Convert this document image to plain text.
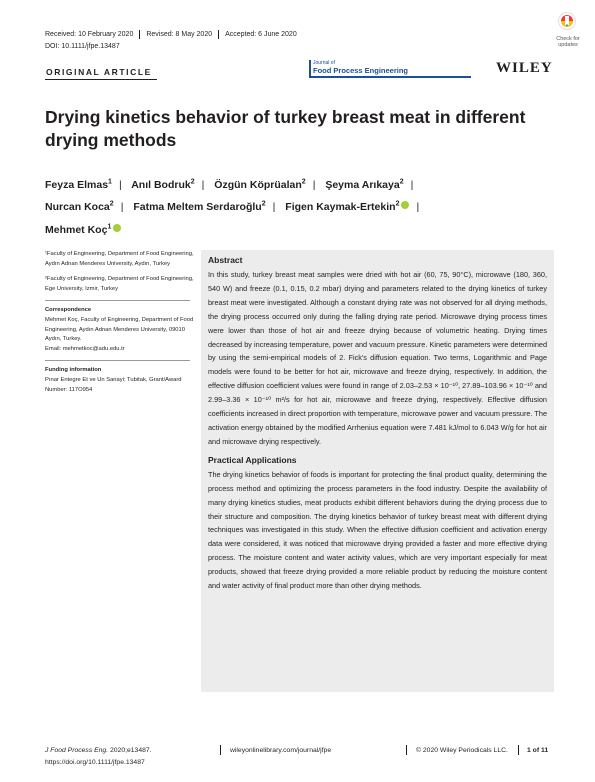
Received: 10 February 2020 Revised: 8 May 2020 Accepted: 6 June 2020
DOI: 10.1111/jfpe.13487
Check for updates
ORIGINAL ARTICLE
Journal of
Food Process Engineering	WILEY
Drying kinetics behavior of turkey breast meat in different drying methods
Feyza Elmas$^1$ | Anıl Bodruk$^2$ | Özgün Köprüalan$^2$ | Şeyma Arıkaya$^2$ |
Nurcan Koca$^2$ | Fatma Meltem Serdaroğlu$^2$ | Figen Kaymak-Ertekin$^2$ |
Mehmet Koç$^1$

¹Faculty of Engineering, Department of Food Engineering, Aydın Adnan Menderes University, Aydın, Turkey

²Faculty of Engineering, Department of Food Engineering, Ege University, Izmir, Turkey

Correspondence
Mehmet Koç, Faculty of Engineering, Department of Food Engineering, Aydın Adnan Menderes University, 09010 Aydın, Turkey.

Email: mehmetkoc@adu.edu.tr

Funding information
Pınar Entegre Et ve Un Sanayi; Tubitak, Grant/Award Number: 117O954
Abstract
In this study, turkey breast meat samples were dried with hot air (60, 75, 90°C), microwave (180, 360, 540 W) and freeze (0.1, 0.15, 0.2 mbar) drying and parameters related to the drying kinetics of turkey breast meat were investigated. Although a constant drying rate was not observed for all drying methods, the drying process occurred only during the falling drying rate period. Microwave drying process times were lower than those of hot air and freeze drying because of volumetric heating. Drying times decreased by increasing temperature, power and vacuum pressure. Kinetic parameters were determined by using the semi-empirical models of 2. Fick's diffusion equation. Two terms, Logarithmic and Page models were found to be better for hot air, microwave and freeze drying, respectively. In addition, the effective diffusion coefficient values were found in range of 2.03–2.53 × 10⁻¹⁰, 27.89–103.96 × 10⁻¹⁰ and 2.99–3.36 × 10⁻¹⁰ m²/s for hot air, microwave and freeze drying, respectively. Effective diffusion coefficients increased in direct proportion with temperature, microwave power and vacuum pressure. The activation energy obtained by the modified Arrhenius equation were 7.481 kJ/mol to 6.043 W/g for hot air and microwave drying respectively.
Practical Applications
The drying kinetics behavior of foods is important for protecting the final product quality, determining the process method and optimizing the process parameters in the food industry. Despite the availability of many drying kinetics studies, meat products exhibit different behaviors during the drying process due to their structure and composition. The drying kinetics behavior of turkey breast meat with different drying techniques was investigated in this study. When the effective diffusion coefficient and activation energy data were considered, it was noticed that microwave drying provided a faster and more effective drying process. The moisture content and water activity values, which are very important especially for meat products, showed that freeze drying provided a more reliable product by reducing the moisture content and water activity of final product more than other drying methods.
J Food Process Eng. 2020;e13487.
https://doi.org/10.1111/jfpe.13487
wileyonlinelibrary.com/journal/jfpe	© 2020 Wiley Periodicals LLC.	1 of 11
